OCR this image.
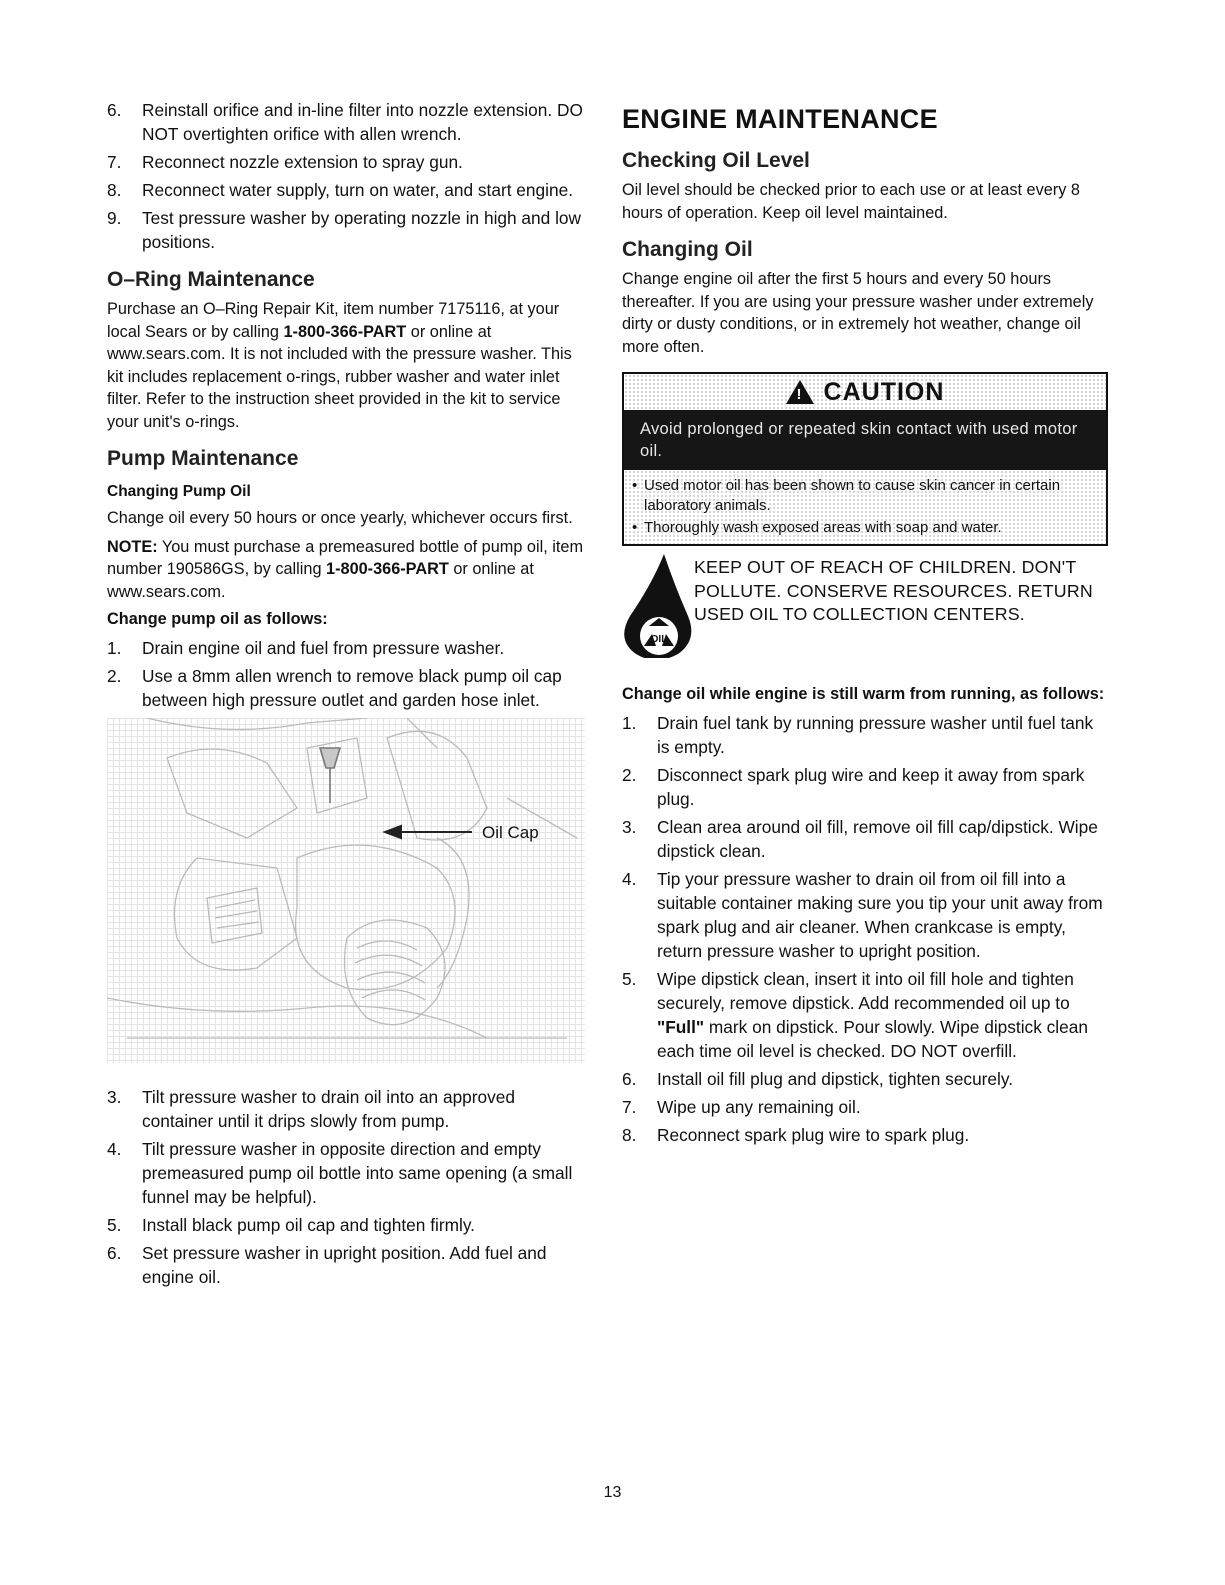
6.	Reinstall orifice and in-line filter into nozzle extension. DO NOT overtighten orifice with allen wrench.
7.	Reconnect nozzle extension to spray gun.
8.	Reconnect water supply, turn on water, and start engine.
9.	Test pressure washer by operating nozzle in high and low positions.
O–Ring Maintenance

Purchase an O–Ring Repair Kit, item number 7175116, at your local Sears or by calling 1-800-366-PART or online at www.sears.com. It is not included with the pressure washer. This kit includes replacement o-rings, rubber washer and water inlet filter. Refer to the instruction sheet provided in the kit to service your unit's o-rings.

Pump Maintenance
Changing Pump Oil

Change oil every 50 hours or once yearly, whichever occurs first.

NOTE: You must purchase a premeasured bottle of pump oil, item number 190586GS, by calling 1-800-366-PART or online at www.sears.com.

Change pump oil as follows:

1.	Drain engine oil and fuel from pressure washer.
2.	Use a 8mm allen wrench to remove black pump oil cap between high pressure outlet and garden hose inlet.
Oil Cap
3.	Tilt pressure washer to drain oil into an approved container until it drips slowly from pump.
4.	Tilt pressure washer in opposite direction and empty premeasured pump oil bottle into same opening (a small funnel may be helpful).
5.	Install black pump oil cap and tighten firmly.
6.	Set pressure washer in upright position. Add fuel and engine oil.
ENGINE MAINTENANCE
Checking Oil Level

Oil level should be checked prior to each use or at least every 8 hours of operation. Keep oil level maintained.

Changing Oil

Change engine oil after the first 5 hours and every 50 hours thereafter. If you are using your pressure washer under extremely dirty or dusty conditions, or in extremely hot weather, change oil more often.

! CAUTION
Avoid prolonged or repeated skin contact with used motor oil.
• Used motor oil has been shown to cause skin cancer in certain laboratory animals.
• Thoroughly wash exposed areas with soap and water.
OIL
KEEP OUT OF REACH OF CHILDREN. DON'T POLLUTE. CONSERVE RESOURCES. RETURN USED OIL TO COLLECTION CENTERS.

Change oil while engine is still warm from running, as follows:

1.	Drain fuel tank by running pressure washer until fuel tank is empty.
2.	Disconnect spark plug wire and keep it away from spark plug.
3.	Clean area around oil fill, remove oil fill cap/dipstick. Wipe dipstick clean.
4.	Tip your pressure washer to drain oil from oil fill into a suitable container making sure you tip your unit away from spark plug and air cleaner. When crankcase is empty, return pressure washer to upright position.
5.	Wipe dipstick clean, insert it into oil fill hole and tighten securely, remove dipstick. Add recommended oil up to "Full" mark on dipstick. Pour slowly. Wipe dipstick clean each time oil level is checked. DO NOT overfill.
6.	Install oil fill plug and dipstick, tighten securely.
7.	Wipe up any remaining oil.
8.	Reconnect spark plug wire to spark plug.
13
